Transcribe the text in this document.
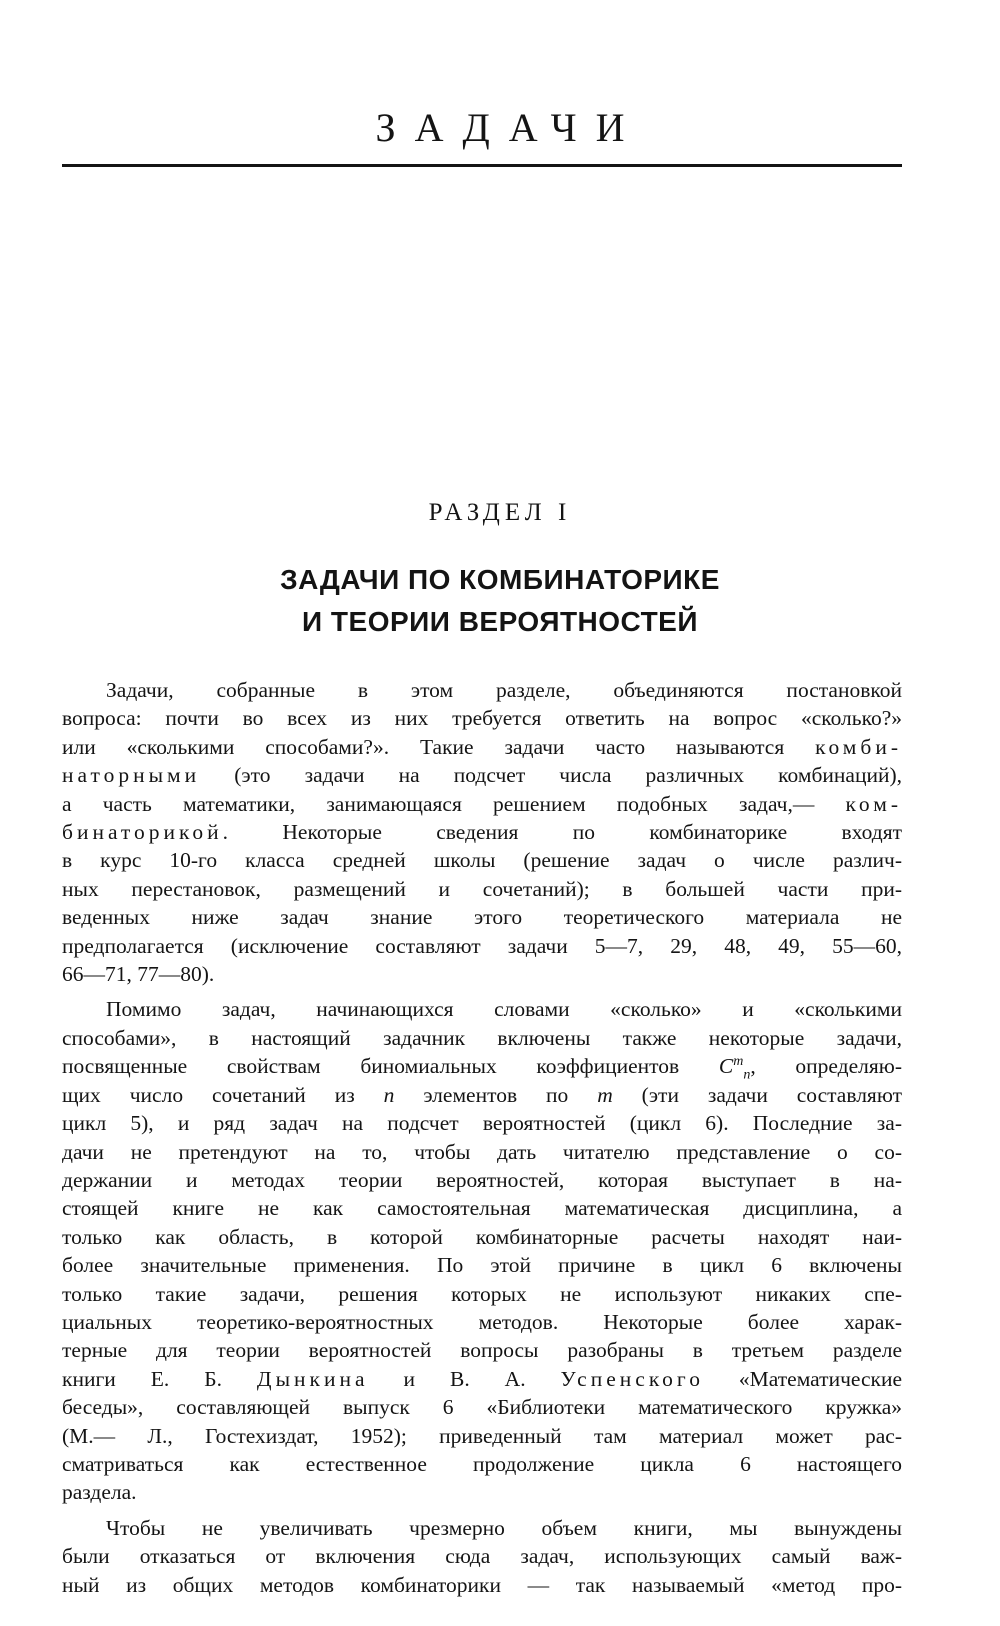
ЗАДАЧИ
РАЗДЕЛ I
ЗАДАЧИ ПО КОМБИНАТОРИКЕ
И ТЕОРИИ ВЕРОЯТНОСТЕЙ

Задачи, собранные в этом разделе, объединяются постановкой
вопроса: почти во всех из них требуется ответить на вопрос «сколько?»
или «сколькими способами?». Такие задачи часто называются комби-
наторными (это задачи на подсчет числа различных комбинаций),
а часть математики, занимающаяся решением подобных задач,— ком-
бинаторикой. Некоторые сведения по комбинаторике входят
в курс 10-го класса средней школы (решение задач о числе различ-
ных перестановок, размещений и сочетаний); в большей части при-
веденных ниже задач знание этого теоретического материала не
предполагается (исключение составляют задачи 5—7, 29, 48, 49, 55—60,
66—71, 77—80).

Помимо задач, начинающихся словами «сколько» и «сколькими
способами», в настоящий задачник включены также некоторые задачи,
посвященные свойствам биномиальных коэффициентов $C^m_n$, определяю-
щих число сочетаний из n элементов по m (эти задачи составляют
цикл 5), и ряд задач на подсчет вероятностей (цикл 6). Последние за-
дачи не претендуют на то, чтобы дать читателю представление о со-
держании и методах теории вероятностей, которая выступает в на-
стоящей книге не как самостоятельная математическая дисциплина, а
только как область, в которой комбинаторные расчеты находят наи-
более значительные применения. По этой причине в цикл 6 включены
только такие задачи, решения которых не используют никаких спе-
циальных теоретико-вероятностных методов. Некоторые более харак-
терные для теории вероятностей вопросы разобраны в третьем разделе
книги Е. Б. Дынкина и В. А. Успенского «Математические
беседы», составляющей выпуск 6 «Библиотеки математического кружка»
(М.— Л., Гостехиздат, 1952); приведенный там материал может рас-
сматриваться как естественное продолжение цикла 6 настоящего
раздела.

Чтобы не увеличивать чрезмерно объем книги, мы вынуждены
были отказаться от включения сюда задач, использующих самый важ-
ный из общих методов комбинаторики — так называемый «метод про-
